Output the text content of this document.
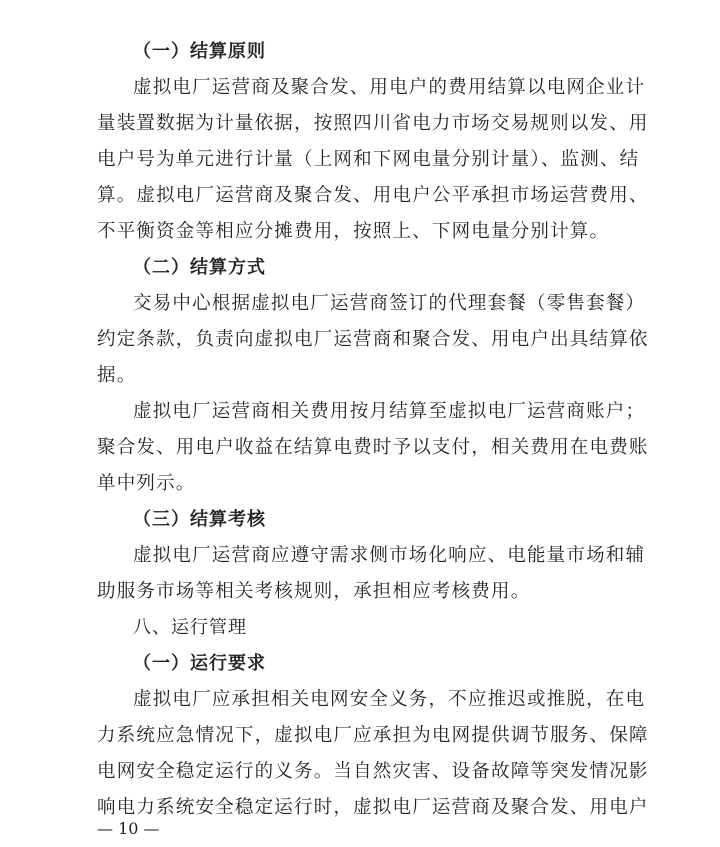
（一）结算原则
虚拟电厂运营商及聚合发、用电户的费用结算以电网企业计
量装置数据为计量依据，按照四川省电力市场交易规则以发、用
电户号为单元进行计量（上网和下网电量分别计量）、监测、结
算。虚拟电厂运营商及聚合发、用电户公平承担市场运营费用、
不平衡资金等相应分摊费用，按照上、下网电量分别计算。
（二）结算方式
交易中心根据虚拟电厂运营商签订的代理套餐（零售套餐）
约定条款，负责向虚拟电厂运营商和聚合发、用电户出具结算依
据。
虚拟电厂运营商相关费用按月结算至虚拟电厂运营商账户；
聚合发、用电户收益在结算电费时予以支付，相关费用在电费账
单中列示。
（三）结算考核
虚拟电厂运营商应遵守需求侧市场化响应、电能量市场和辅
助服务市场等相关考核规则，承担相应考核费用。
八、运行管理
（一）运行要求
虚拟电厂应承担相关电网安全义务，不应推迟或推脱，在电
力系统应急情况下，虚拟电厂应承担为电网提供调节服务、保障
电网安全稳定运行的义务。当自然灾害、设备故障等突发情况影
响电力系统安全稳定运行时，虚拟电厂运营商及聚合发、用电户
— 10 —
